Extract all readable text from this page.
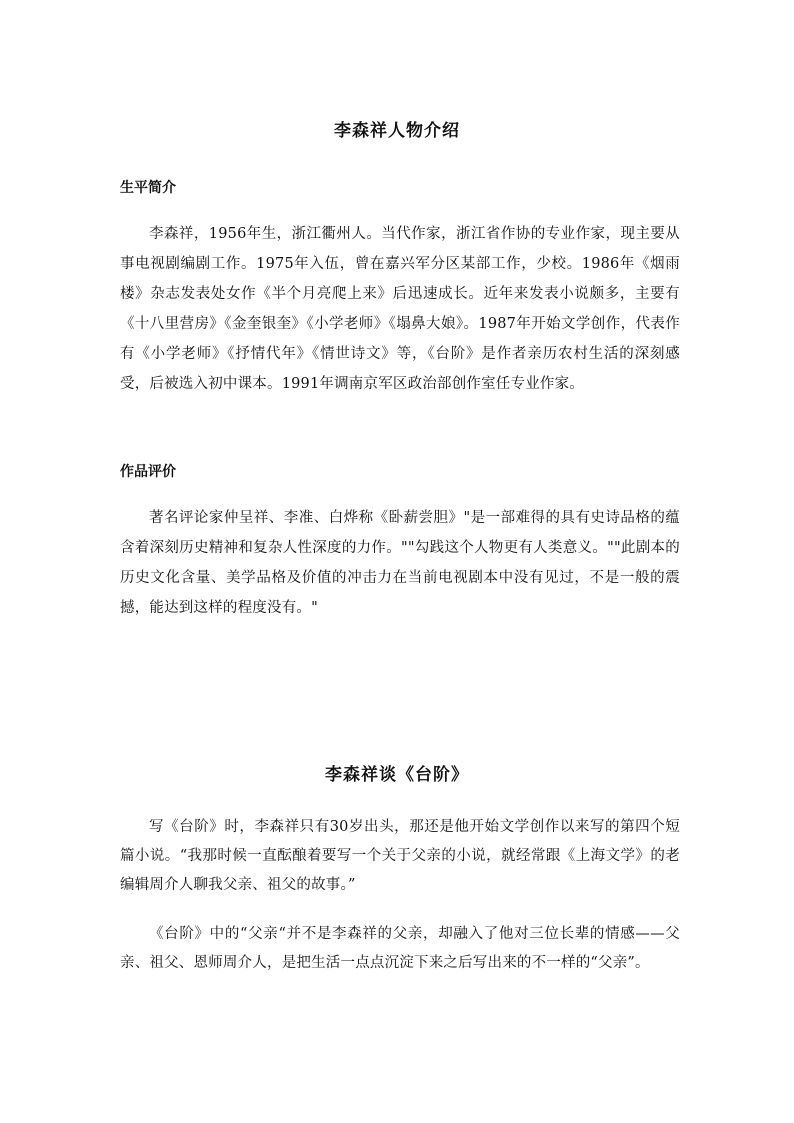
李森祥人物介绍
生平简介
李森祥，1956年生，浙江衢州人。当代作家，浙江省作协的专业作家，现主要从事电视剧编剧工作。1975年入伍，曾在嘉兴军分区某部工作，少校。1986年《烟雨楼》杂志发表处女作《半个月亮爬上来》后迅速成长。近年来发表小说颇多，主要有《十八里营房》《金奎银奎》《小学老师》《塌鼻大娘》。1987年开始文学创作，代表作有《小学老师》《抒情代年》《情世诗文》等，《台阶》是作者亲历农村生活的深刻感受，后被选入初中课本。1991年调南京军区政治部创作室任专业作家。
作品评价
著名评论家仲呈祥、李准、白烨称《卧薪尝胆》"是一部难得的具有史诗品格的蕴含着深刻历史精神和复杂人性深度的力作。""勾践这个人物更有人类意义。""此剧本的历史文化含量、美学品格及价值的冲击力在当前电视剧本中没有见过，不是一般的震撼，能达到这样的程度没有。"
李森祥谈《台阶》
写《台阶》时，李森祥只有30岁出头，那还是他开始文学创作以来写的第四个短篇小说。“我那时候一直酝酿着要写一个关于父亲的小说，就经常跟《上海文学》的老编辑周介人聊我父亲、祖父的故事。”
《台阶》中的“父亲“并不是李森祥的父亲，却融入了他对三位长辈的情感——父亲、祖父、恩师周介人，是把生活一点点沉淀下来之后写出来的不一样的“父亲”。
